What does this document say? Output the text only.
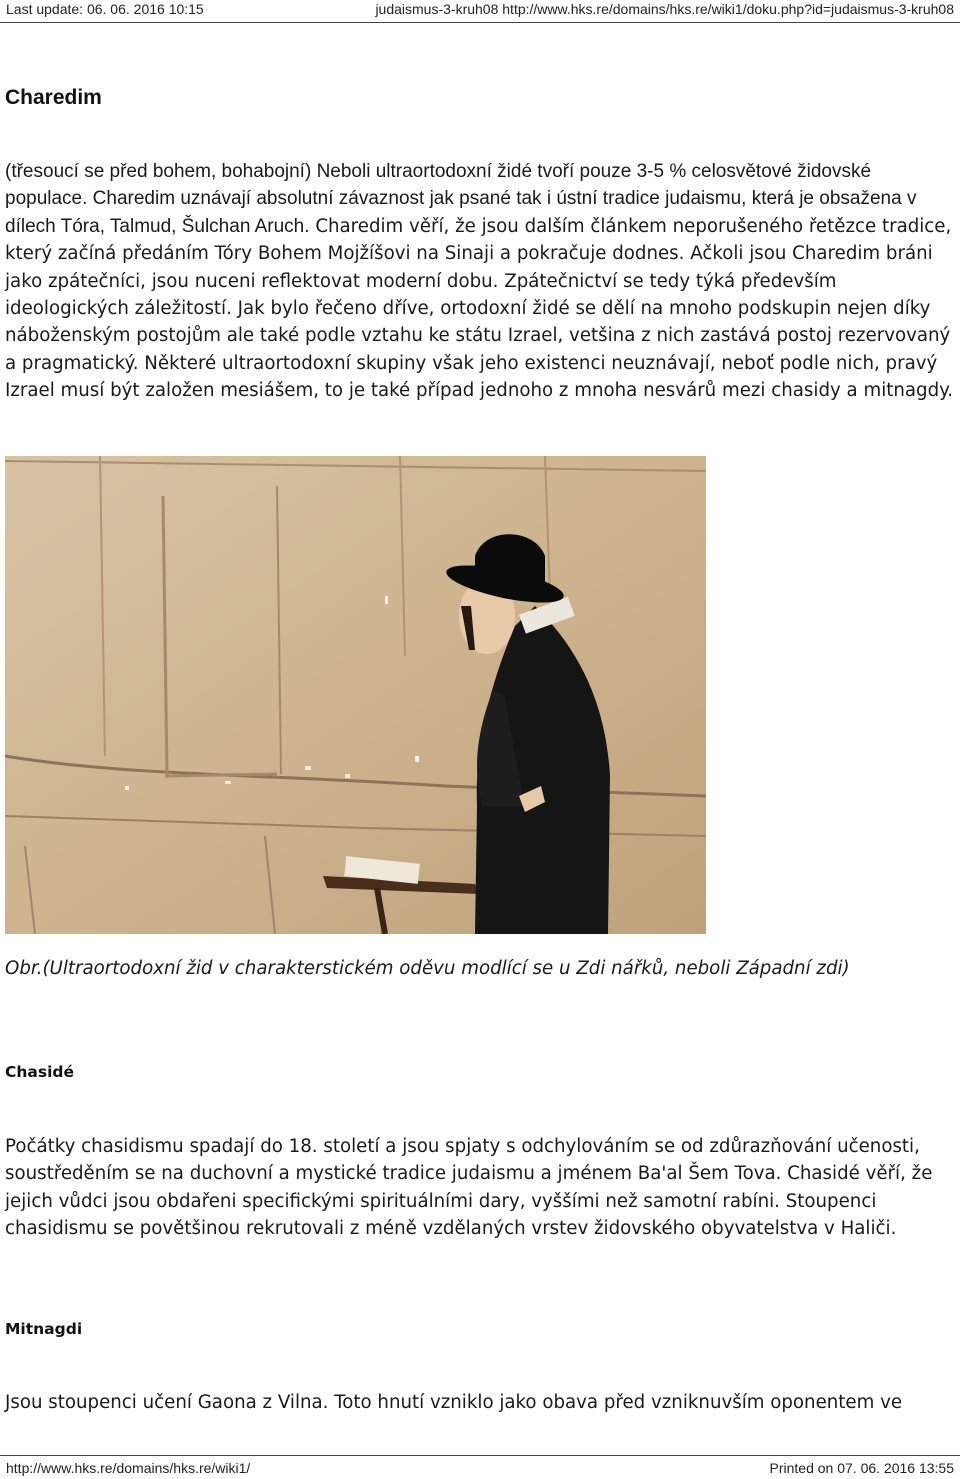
Last update: 06. 06. 2016 10:15	judaismus-3-kruh08 http://www.hks.re/domains/hks.re/wiki1/doku.php?id=judaismus-3-kruh08
Charedim

(třesoucí se před bohem, bohabojní) Neboli ultraortodoxní židé tvoří pouze 3-5 % celosvětové židovské populace. Charedim uznávají absolutní závaznost jak psané tak i ústní tradice judaismu, která je obsažena v dílech Tóra, Talmud, Šulchan Aruch. Charedim věří, že jsou dalším článkem neporušeného řetězce tradice, který začíná předáním Tóry Bohem Mojžíšovi na Sinaji a pokračuje dodnes. Ačkoli jsou Charedim bráni jako zpátečníci, jsou nuceni reflektovat moderní dobu. Zpátečnictví se tedy týká především ideologických záležitostí. Jak bylo řečeno dříve, ortodoxní židé se dělí na mnoho podskupin nejen díky náboženským postojům ale také podle vztahu ke státu Izrael, vetšina z nich zastává postoj rezervovaný a pragmatický. Některé ultraortodoxní skupiny však jeho existenci neuznávají, neboť podle nich, pravý Izrael musí být založen mesiášem, to je také případ jednoho z mnoha nesvárů mezi chasidy a mitnagdy.

Obr.(Ultraortodoxní žid v charakterstickém oděvu modlící se u Zdi nářků, neboli Západní zdi)

Chasidé

Počátky chasidismu spadají do 18. století a jsou spjaty s odchylováním se od zdůrazňování učenosti, soustředěním se na duchovní a mystické tradice judaismu a jménem Ba'al Šem Tova. Chasidé věří, že jejich vůdci jsou obdařeni specifickými spirituálními dary, vyššími než samotní rabíni. Stoupenci chasidismu se povětšinou rekrutovali z méně vzdělaných vrstev židovského obyvatelstva v Haliči.

Mitnagdi

Jsou stoupenci učení Gaona z Vilna. Toto hnutí vzniklo jako obava před vzniknuvším oponentem ve

http://www.hks.re/domains/hks.re/wiki1/	Printed on 07. 06. 2016 13:55
